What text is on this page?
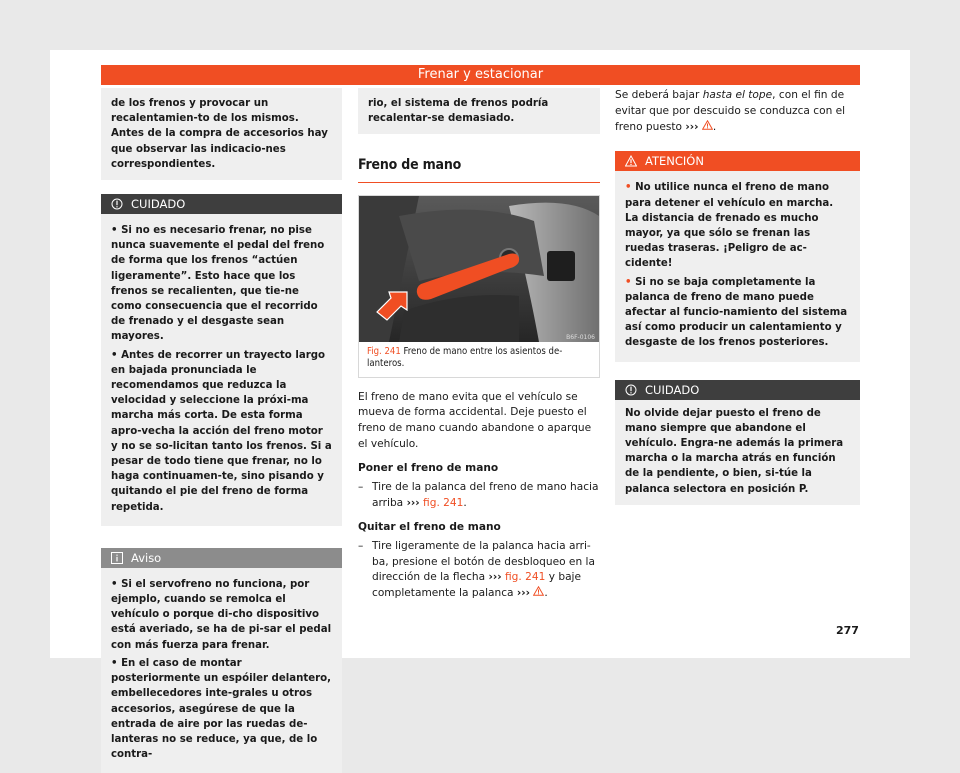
Frenar y estacionar
de los frenos y provocar un recalentamien-to de los mismos. Antes de la compra de accesorios hay que observar las indicacio-nes correspondientes.
CUIDADO
• Si no es necesario frenar, no pise nunca suavemente el pedal del freno de forma que los frenos “actúen ligeramente”. Esto hace que los frenos se recalienten, que tie-ne como consecuencia que el recorrido de frenado y el desgaste sean mayores.
• Antes de recorrer un trayecto largo en bajada pronunciada le recomendamos que reduzca la velocidad y seleccione la próxi-ma marcha más corta. De esta forma apro-vecha la acción del freno motor y no se so-licitan tanto los frenos. Si a pesar de todo tiene que frenar, no lo haga continuamen-te, sino pisando y quitando el pie del freno de forma repetida.
Aviso
• Si el servofreno no funciona, por ejemplo, cuando se remolca el vehículo o porque di-cho dispositivo está averiado, se ha de pi-sar el pedal con más fuerza para frenar.
• En el caso de montar posteriormente un espóiler delantero, embellecedores inte-grales u otros accesorios, asegúrese de que la entrada de aire por las ruedas de-lanteras no se reduce, ya que, de lo contra-
rio, el sistema de frenos podría recalentar-se demasiado.
Freno de mano
B6F-0106
Fig. 241 Freno de mano entre los asientos de-lanteros.

El freno de mano evita que el vehículo se mueva de forma accidental. Deje puesto el freno de mano cuando abandone o aparque el vehículo.

Poner el freno de mano

– Tire de la palanca del freno de mano hacia arriba ››› fig. 241.

Quitar el freno de mano

– Tire ligeramente de la palanca hacia arri-ba, presione el botón de desbloqueo en la dirección de la flecha ››› fig. 241 y baje completamente la palanca ››› .

Se deberá bajar hasta el tope, con el fin de evitar que por descuido se conduzca con el freno puesto ››› .

ATENCIÓN
• No utilice nunca el freno de mano para detener el vehículo en marcha. La distancia de frenado es mucho mayor, ya que sólo se frenan las ruedas traseras. ¡Peligro de ac-cidente!
• Si no se baja completamente la palanca de freno de mano puede afectar al funcio-namiento del sistema así como producir un calentamiento y desgaste de los frenos posteriores.
CUIDADO
No olvide dejar puesto el freno de mano siempre que abandone el vehículo. Engra-ne además la primera marcha o la marcha atrás en función de la pendiente, o bien, si-túe la palanca selectora en posición P.
277
